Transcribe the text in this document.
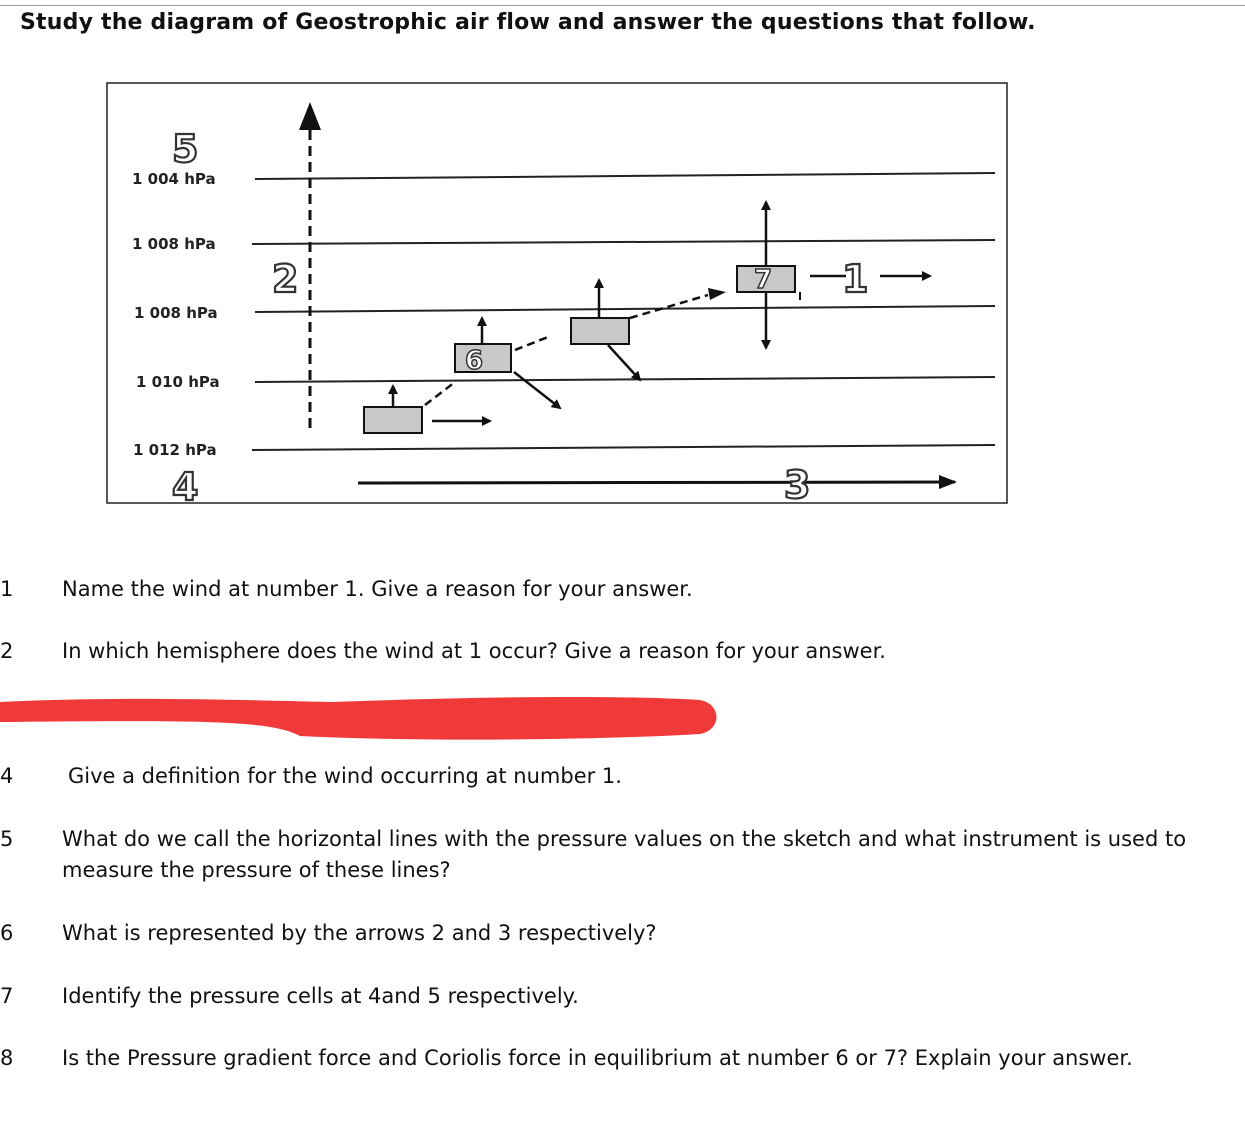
Study the diagram of Geostrophic air flow and answer the questions that follow.
1 004 hPa
1 008 hPa
1 008 hPa
1 010 hPa
1 012 hPa
5
4
2
3
6
7 1
1	Name the wind at number 1. Give a reason for your answer.
2	In which hemisphere does the wind at 1 occur? Give a reason for your answer.
4	Give a definition for the wind occurring at number 1.
5	What do we call the horizontal lines with the pressure values on the sketch and what instrument is used to measure the pressure of these lines?
6	What is represented by the arrows 2 and 3 respectively?
7	Identify the pressure cells at 4and 5 respectively.
8	Is the Pressure gradient force and Coriolis force in equilibrium at number 6 or 7? Explain your answer.
